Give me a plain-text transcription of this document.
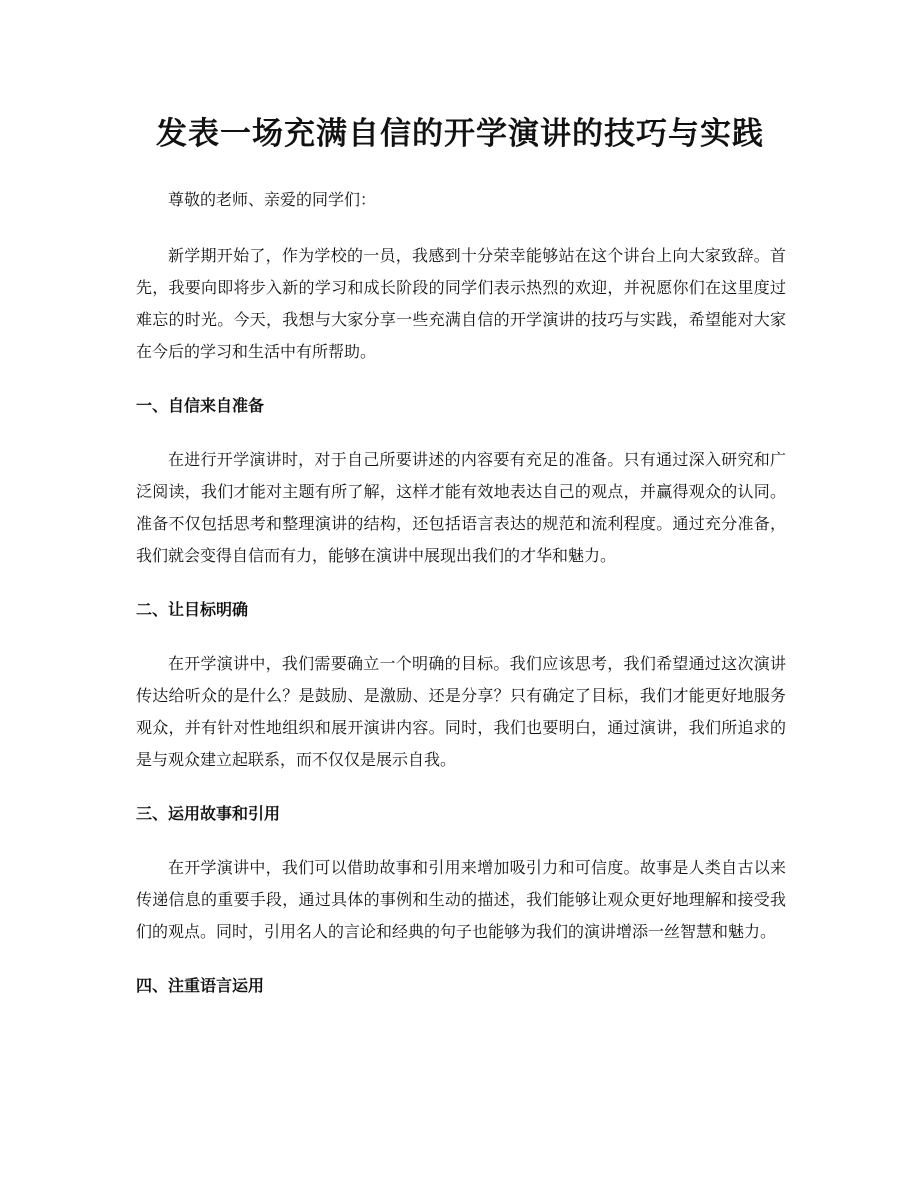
发表一场充满自信的开学演讲的技巧与实践

尊敬的老师、亲爱的同学们：

新学期开始了，作为学校的一员，我感到十分荣幸能够站在这个讲台上向大家致辞。首先，我要向即将步入新的学习和成长阶段的同学们表示热烈的欢迎，并祝愿你们在这里度过难忘的时光。今天，我想与大家分享一些充满自信的开学演讲的技巧与实践，希望能对大家在今后的学习和生活中有所帮助。

一、自信来自准备

在进行开学演讲时，对于自己所要讲述的内容要有充足的准备。只有通过深入研究和广泛阅读，我们才能对主题有所了解，这样才能有效地表达自己的观点，并赢得观众的认同。准备不仅包括思考和整理演讲的结构，还包括语言表达的规范和流利程度。通过充分准备，我们就会变得自信而有力，能够在演讲中展现出我们的才华和魅力。

二、让目标明确

在开学演讲中，我们需要确立一个明确的目标。我们应该思考，我们希望通过这次演讲传达给听众的是什么？是鼓励、是激励、还是分享？只有确定了目标，我们才能更好地服务观众，并有针对性地组织和展开演讲内容。同时，我们也要明白，通过演讲，我们所追求的是与观众建立起联系，而不仅仅是展示自我。

三、运用故事和引用

在开学演讲中，我们可以借助故事和引用来增加吸引力和可信度。故事是人类自古以来传递信息的重要手段，通过具体的事例和生动的描述，我们能够让观众更好地理解和接受我们的观点。同时，引用名人的言论和经典的句子也能够为我们的演讲增添一丝智慧和魅力。

四、注重语言运用
